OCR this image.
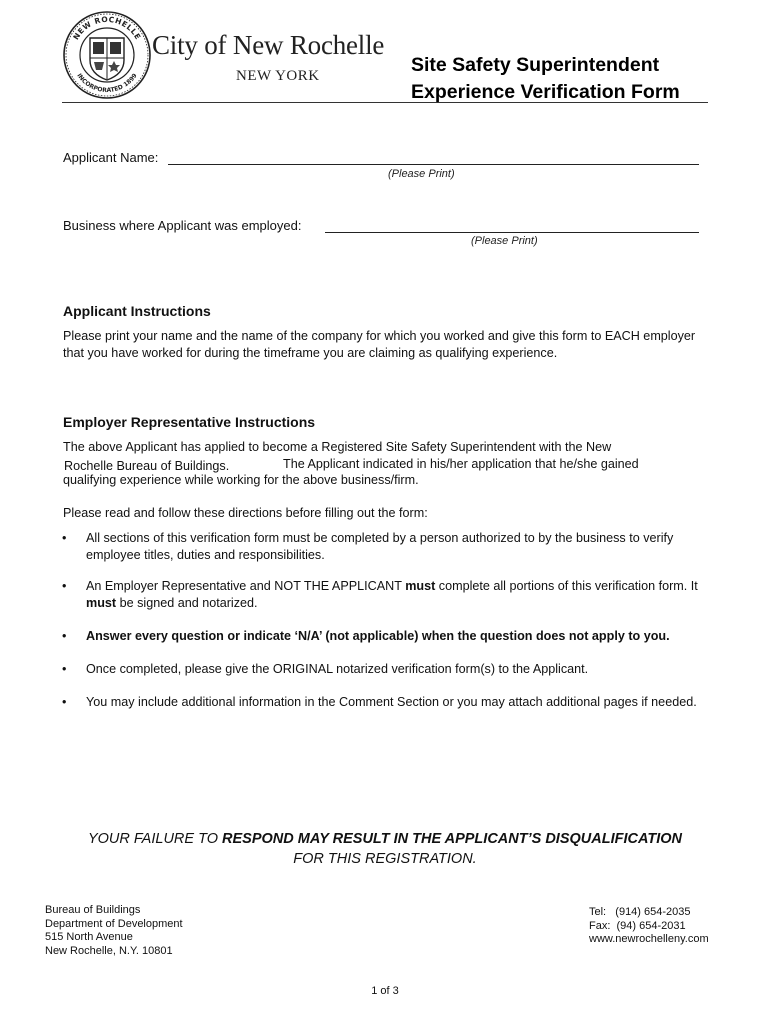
NEW ROCHELLE
INCORPORATED 1899
City of New Rochelle
NEW YORK	Site Safety Superintendent
Experience Verification Form
Applicant Name:
(Please Print)
Business where Applicant was employed:
(Please Print)
Applicant Instructions
Please print your name and the name of the company for which you worked and give this form to EACH employer that you have worked for during the timeframe you are claiming as qualifying experience.
Employer Representative Instructions
The above Applicant has applied to become a Registered Site Safety Superintendent with the New
Rochelle Bureau of Buildings.	The Applicant indicated in his/her application that he/she gained
qualifying experience while working for the above business/firm.
Please read and follow these directions before filling out the form:
• All sections of this verification form must be completed by a person authorized to by the business to verify employee titles, duties and responsibilities.
• An Employer Representative and NOT THE APPLICANT must complete all portions of this verification form. It must be signed and notarized.
• Answer every question or indicate ‘N/A’ (not applicable) when the question does not apply to you.
• Once completed, please give the ORIGINAL notarized verification form(s) to the Applicant.
• You may include additional information in the Comment Section or you may attach additional pages if needed.
YOUR FAILURE TO RESPOND MAY RESULT IN THE APPLICANT’S DISQUALIFICATION
FOR THIS REGISTRATION.
Bureau of Buildings
Department of Development
515 North Avenue
New Rochelle, N.Y. 10801
Tel:   (914) 654-2035
Fax:  (94) 654-2031
www.newrochelleny.com
1 of 3
